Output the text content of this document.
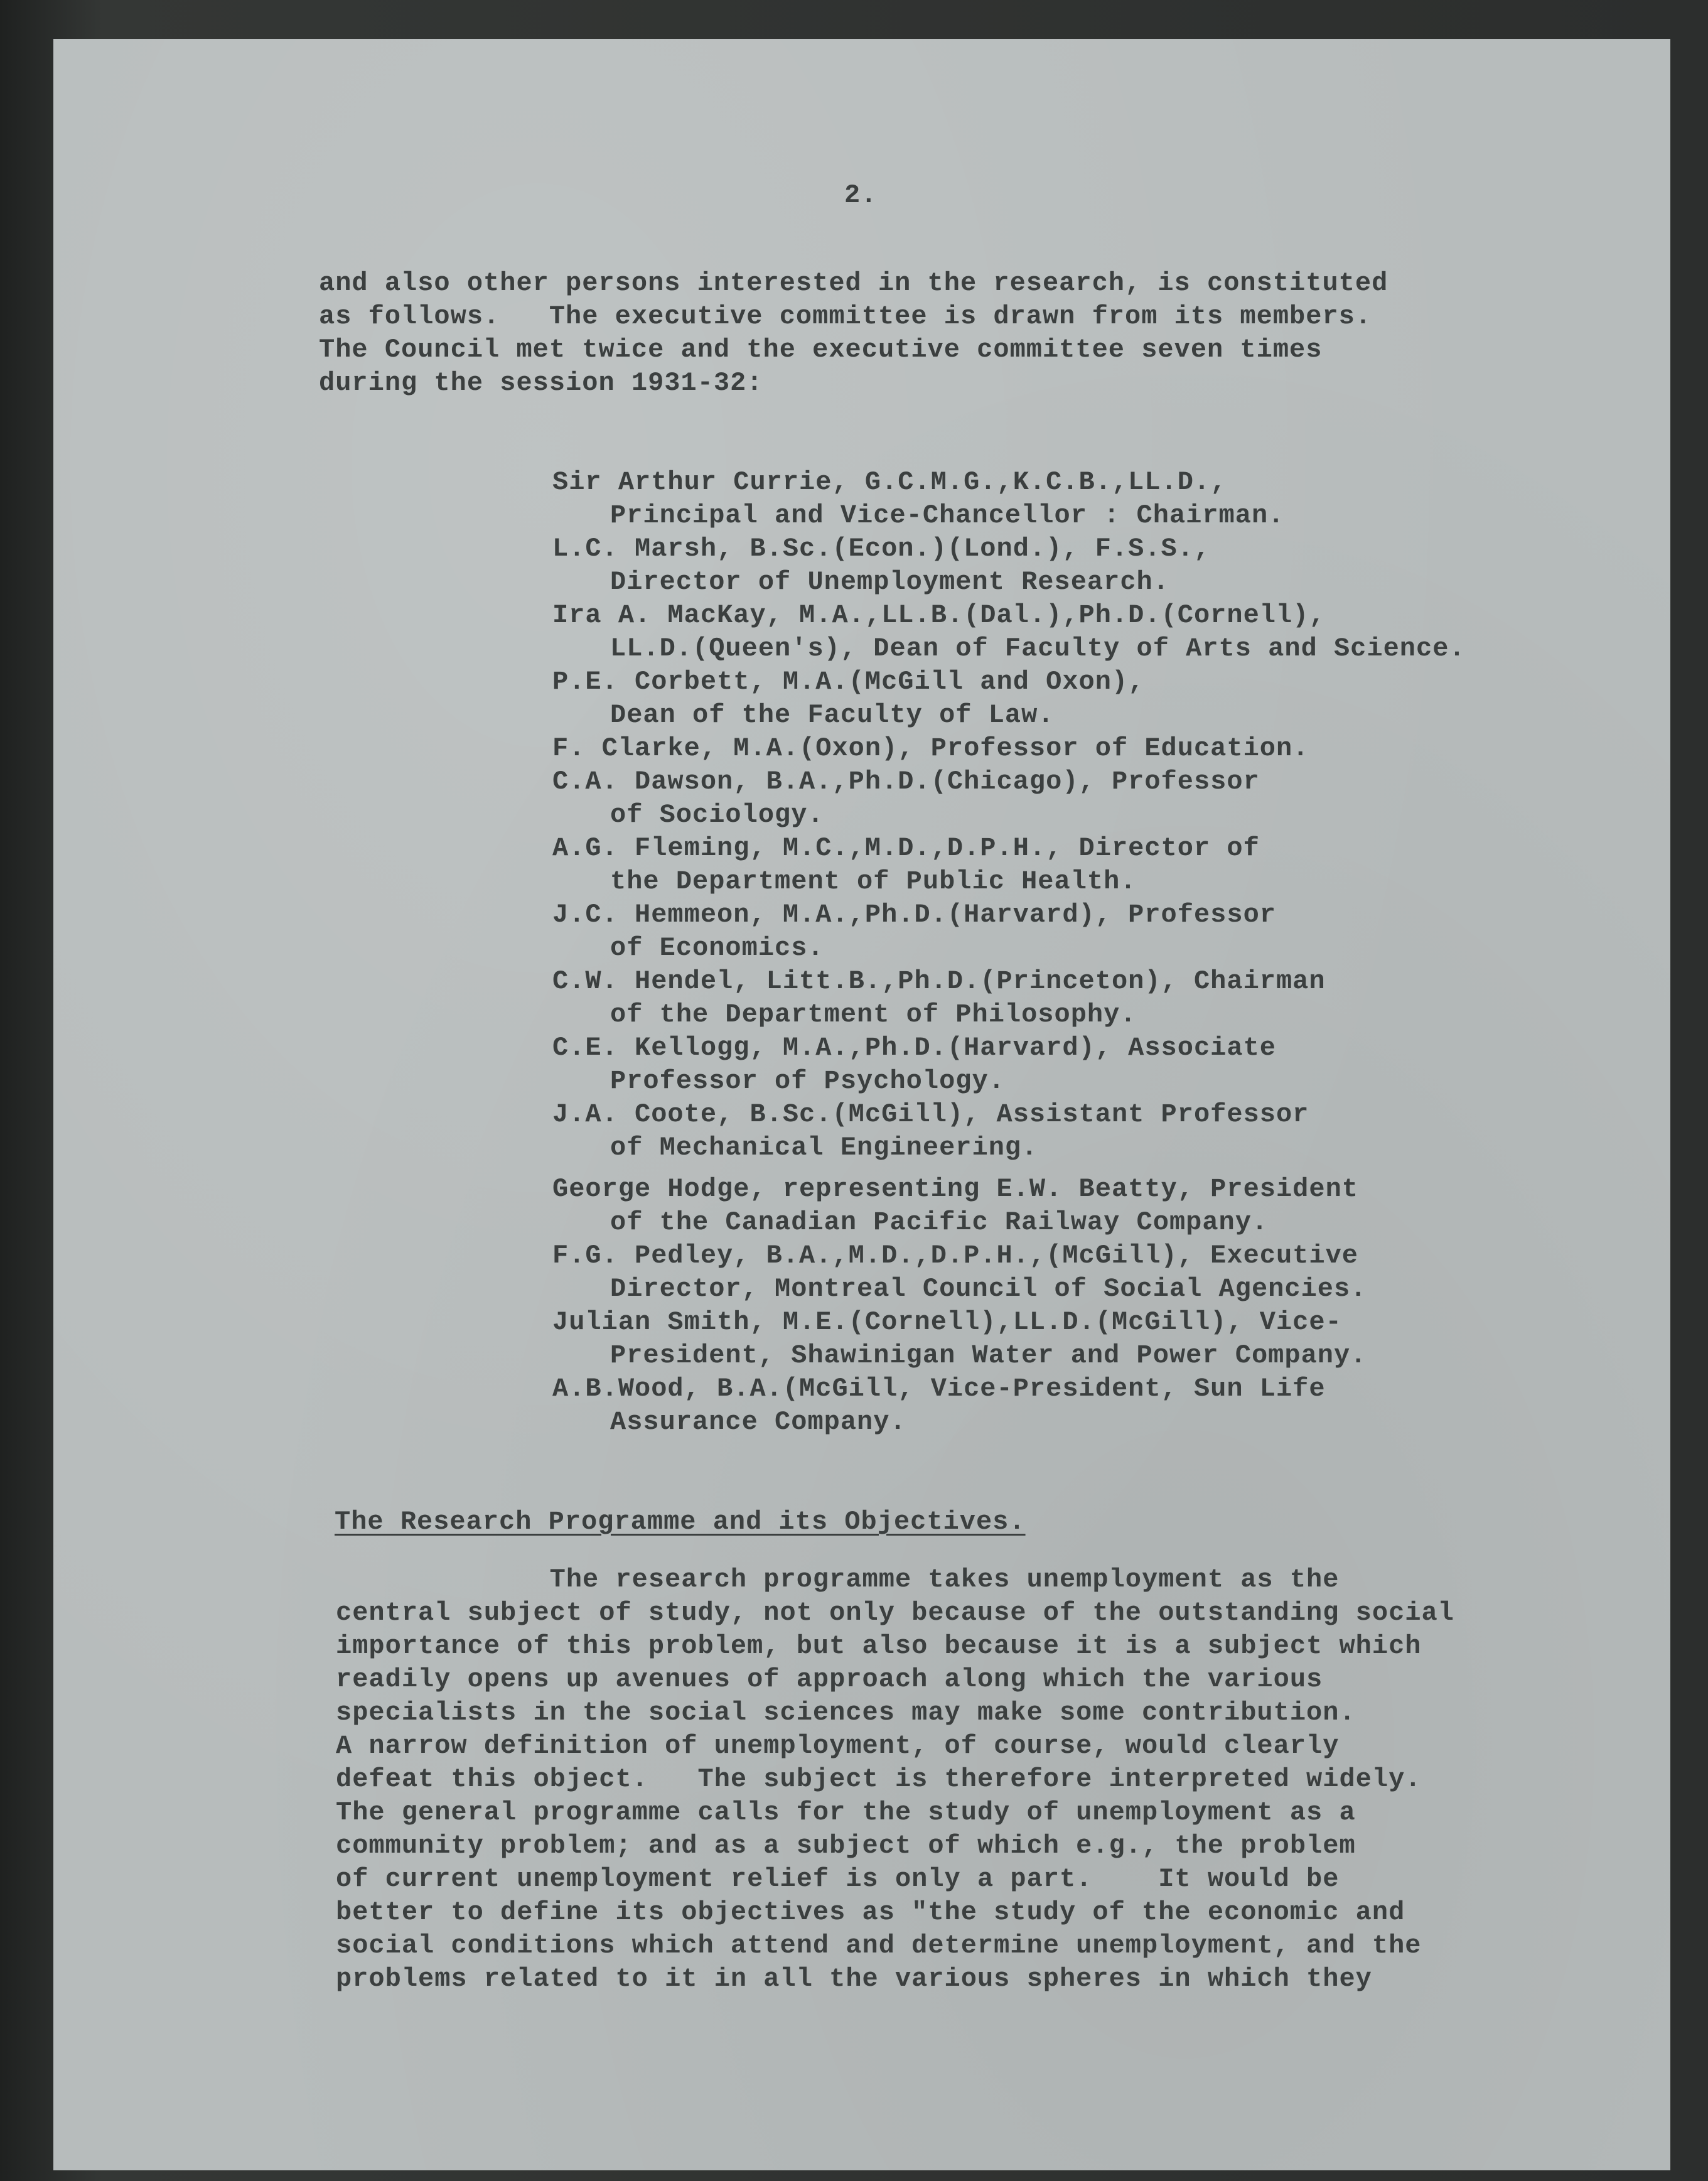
2.

and also other persons interested in the research, is constituted
as follows.   The executive committee is drawn from its members.
The Council met twice and the executive committee seven times
during the session 1931-32:
Sir Arthur Currie, G.C.M.G.,K.C.B.,LL.D.,
Principal and Vice-Chancellor : Chairman.
L.C. Marsh, B.Sc.(Econ.)(Lond.), F.S.S.,
Director of Unemployment Research.
Ira A. MacKay, M.A.,LL.B.(Dal.),Ph.D.(Cornell),
LL.D.(Queen's), Dean of Faculty of Arts and Science.
P.E. Corbett, M.A.(McGill and Oxon),
Dean of the Faculty of Law.
F. Clarke, M.A.(Oxon), Professor of Education.
C.A. Dawson, B.A.,Ph.D.(Chicago), Professor
of Sociology.
A.G. Fleming, M.C.,M.D.,D.P.H., Director of
the Department of Public Health.
J.C. Hemmeon, M.A.,Ph.D.(Harvard), Professor
of Economics.
C.W. Hendel, Litt.B.,Ph.D.(Princeton), Chairman
of the Department of Philosophy.
C.E. Kellogg, M.A.,Ph.D.(Harvard), Associate
Professor of Psychology.
J.A. Coote, B.Sc.(McGill), Assistant Professor
of Mechanical Engineering.
George Hodge, representing E.W. Beatty, President
of the Canadian Pacific Railway Company.
F.G. Pedley, B.A.,M.D.,D.P.H.,(McGill), Executive
Director, Montreal Council of Social Agencies.
Julian Smith, M.E.(Cornell),LL.D.(McGill), Vice-
President, Shawinigan Water and Power Company.
A.B.Wood, B.A.(McGill, Vice-President, Sun Life
Assurance Company.

The Research Programme and its Objectives.

The research programme takes unemployment as the
central subject of study, not only because of the outstanding social
importance of this problem, but also because it is a subject which
readily opens up avenues of approach along which the various
specialists in the social sciences may make some contribution.
A narrow definition of unemployment, of course, would clearly
defeat this object.   The subject is therefore interpreted widely.
The general programme calls for the study of unemployment as a
community problem; and as a subject of which e.g., the problem
of current unemployment relief is only a part.    It would be
better to define its objectives as "the study of the economic and
social conditions which attend and determine unemployment, and the
problems related to it in all the various spheres in which they
